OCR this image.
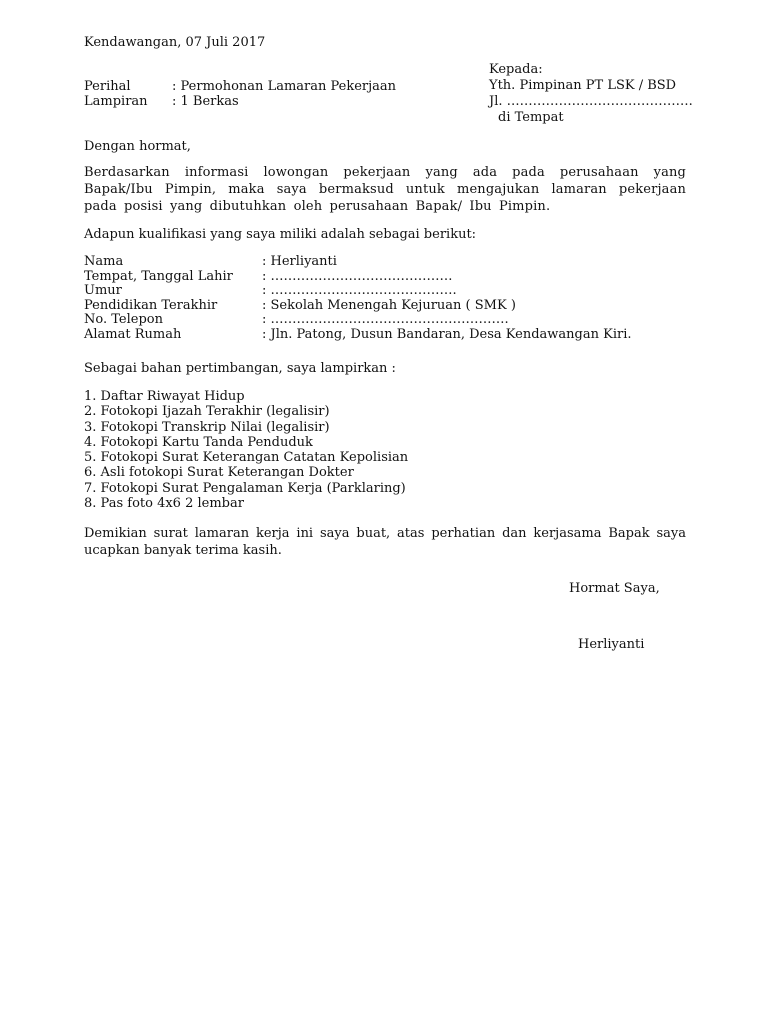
Kendawangan, 07 Juli 2017
Kepada:
Yth. Pimpinan PT LSK / BSD
Jl. …………………………………….
di Tempat
Perihal	: Permohonan Lamaran Pekerjaan
Lampiran : 1 Berkas
Dengan hormat,
Berdasarkan informasi lowongan pekerjaan yang ada pada perusahaan yang Bapak/Ibu Pimpin, maka saya bermaksud untuk mengajukan lamaran pekerjaan pada posisi yang dibutuhkan oleh perusahaan Bapak/ Ibu Pimpin.
Adapun kualifikasi yang saya miliki adalah sebagai berikut:
Nama	: Herliyanti
Tempat, Tanggal Lahir : ……………………………………
Umur	: …………………………………….
Pendidikan Terakhir	: Sekolah Menengah Kejuruan ( SMK )
No. Telepon	: ……………………………………………….
Alamat Rumah	: Jln. Patong, Dusun Bandaran, Desa Kendawangan Kiri.
Sebagai bahan pertimbangan, saya lampirkan :
1. Daftar Riwayat Hidup
2. Fotokopi Ijazah Terakhir (legalisir)
3. Fotokopi Transkrip Nilai (legalisir)
4. Fotokopi Kartu Tanda Penduduk
5. Fotokopi Surat Keterangan Catatan Kepolisian
6. Asli fotokopi Surat Keterangan Dokter
7. Fotokopi Surat Pengalaman Kerja (Parklaring)
8. Pas foto 4x6 2 lembar
Demikian surat lamaran kerja ini saya buat, atas perhatian dan kerjasama Bapak saya ucapkan banyak terima kasih.
Hormat Saya,
Herliyanti
